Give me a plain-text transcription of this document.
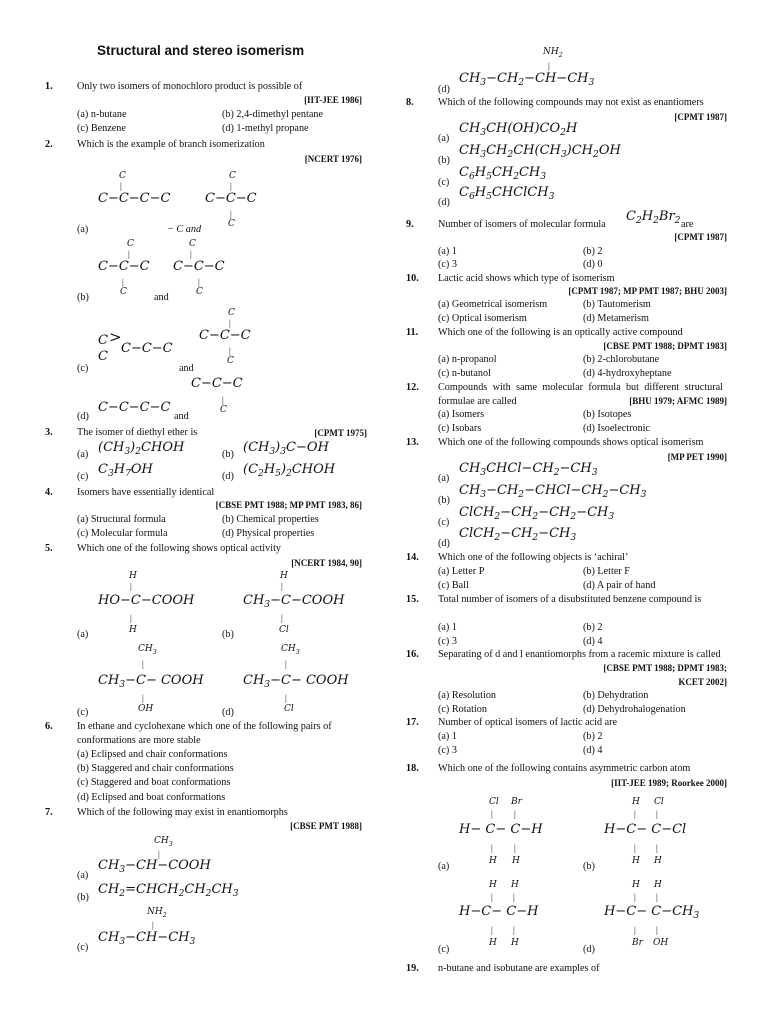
Structural and stereo isomerism
1. Only two isomers of monochloro product is possible of
[IIT-JEE 1986]
(a) n-butane	(b) 2,4-dimethyl pentane
(c) Benzene	(d) 1-methyl propane
2. Which is the example of branch isomerization
[NCERT 1976]
C
|
C−C−C−C
C
|
C−C−C
|
C
(a)	− C and
C
|
C−C−C
|
C
C
|
C−C−C
|
C
(b)	and
C >
C−C−C
C
C
|
C−C−C
|
C
(c)	and
C−C−C
|
C
C−C−C−C
(d)	and
3. The isomer of diethyl ether is	[CPMT 1975]
(a) $(CH_3)_2CHOH$	(b) $(CH_3)_3C-OH$
(c) $C_3H_7OH$	(d) $(C_2H_5)_2CHOH$
4. Isomers have essentially identical
[CBSE PMT 1988; MP PMT 1983, 86]
(a) Structural formula	(b) Chemical properties
(c) Molecular formula	(d) Physical properties
5. Which one of the following shows optical activity
[NCERT 1984, 90]
H
|
HO−C−COOH
|
H
(a)
H
|
$CH_3-C-COOH$
|
Cl
(b)
$CH_3$
|
$CH_3-C-$ COOH
|
OH
(c)
$CH_3$
|
$CH_3-C-$ COOH
|
Cl
(d)
6. In ethane and cyclohexane which one of the following pairs of conformations are more stable
(a) Eclipsed and chair conformations
(b) Staggered and chair conformations
(c) Staggered and boat conformations
(d) Eclipsed and boat conformations
7. Which of the following may exist in enantiomorphs
[CBSE PMT 1988]
$CH_3$
|
(a)
$CH_3-CH-COOH$
(b)
$CH_2=CHCH_2CH_2CH_3$
$NH_2$
|
(c)
$CH_3-CH-CH_3$
$NH_2$
|
(d)
$CH_3-CH_2-CH-CH_3$
8. Which of the following compounds may not exist as enantiomers
[CPMT 1987]
(a)
$CH_3CH(OH)CO_2H$
(b)
$CH_3CH_2CH(CH_3)CH_2OH$
(c)
$C_6H_5CH_2CH_3$
(d)
$C_6H_5CHClCH_3$
9. Number of isomers of molecular formula
$C_2H_2Br_2$ are
[CPMT 1987]
(a) 1	(b) 2
(c) 3	(d) 0
10. Lactic acid shows which type of isomerism
[CPMT 1987; MP PMT 1987; BHU 2003]
(a) Geometrical isomerism	(b) Tautomerism
(c) Optical isomerism	(d) Metamerism
11. Which one of the following is an optically active compound
[CBSE PMT 1988; DPMT 1983]
(a) n-propanol	(b) 2-chlorobutane
(c) n-butanol	(d) 4-hydroxyheptane
12. Compounds with same molecular formula but different structural formulae are called	[BHU 1979; AFMC 1989]
(a) Isomers	(b) Isotopes
(c) Isobars	(d) Isoelectronic
13. Which one of the following compounds shows optical isomerism
[MP PET 1990]
(a)
$CH_3CHCl-CH_2-CH_3$
(b)
$CH_3-CH_2-CHCl-CH_2-CH_3$
(c)
$ClCH_2-CH_2-CH_2-CH_3$
(d)
$ClCH_2-CH_2-CH_3$
14. Which one of the following objects is ‘achiral’
(a) Letter P	(b) Letter F
(c) Ball	(d) A pair of hand
15. Total number of isomers of a disubstituted benzene compound is
(a) 1	(b) 2
(c) 3	(d) 4
16. Separating of d and l enantiomorphs from a racemic mixture is called
[CBSE PMT 1988; DPMT 1983;
KCET 2002]
(a) Resolution	(b) Dehydration
(c) Rotation	(d) Dehydrohalogenation
17. Number of optical isomers of lactic acid are
(a) 1	(b) 2
(c) 3	(d) 4
18. Which one of the following contains asymmetric carbon atom
[IIT-JEE 1989; Roorkee 2000]
Cl Br
| |
H− C− C−H
| |
H H
(a)
H Cl
| |
H−C− C−Cl
| |
H H
(b)
H H
| |
H−C− C−H
| |
H H
(c)
H H
| |
$H-C- C-CH_3$
| |
Br OH
(d)
19. n-butane and isobutane are examples of
